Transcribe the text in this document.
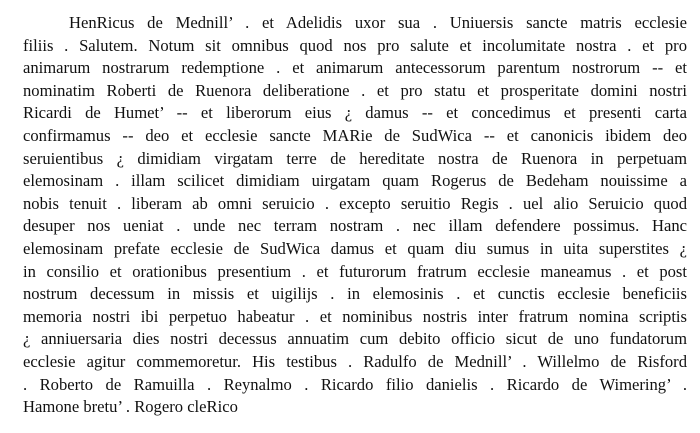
HenRicus de Mednill’ . et Adelidis uxor sua . Uniuersis sancte matris ecclesie
filiis . Salutem. Notum sit omnibus quod nos pro salute et incolumitate nostra . et pro
animarum nostrarum redemptione . et animarum antecessorum parentum nostrorum -- et
nominatim Roberti de Ruenora deliberatione . et pro statu et prosperitate domini nostri
Ricardi de Humet’ -- et liberorum eius ¿ damus -- et concedimus et presenti carta
confirmamus -- deo et ecclesie sancte MARie de SudWica -- et canonicis ibidem deo
seruientibus ¿ dimidiam virgatam terre de hereditate nostra de Ruenora in perpetuam
elemosinam . illam scilicet dimidiam uirgatam quam Rogerus de Bedeham nouissime a
nobis tenuit . liberam ab omni seruicio . excepto seruitio Regis . uel alio Seruicio quod
desuper nos ueniat . unde nec terram nostram . nec illam defendere possimus. Hanc
elemosinam prefate ecclesie de SudWica damus et quam diu sumus in uita superstites ¿
in consilio et orationibus presentium . et futurorum fratrum ecclesie maneamus . et post
nostrum decessum in missis et uigilijs . in elemosinis . et cunctis ecclesie beneficiis
memoria nostri ibi perpetuo habeatur . et nominibus nostris inter fratrum nomina scriptis
¿ anniuersaria dies nostri decessus annuatim cum debito officio sicut de uno fundatorum
ecclesie agitur commemoretur. His testibus . Radulfo de Mednill’ . Willelmo de Risford
. Roberto de Ramuilla . Reynalmo . Ricardo filio danielis . Ricardo de Wimering’ .
Hamone bretu’ . Rogero cleRico
